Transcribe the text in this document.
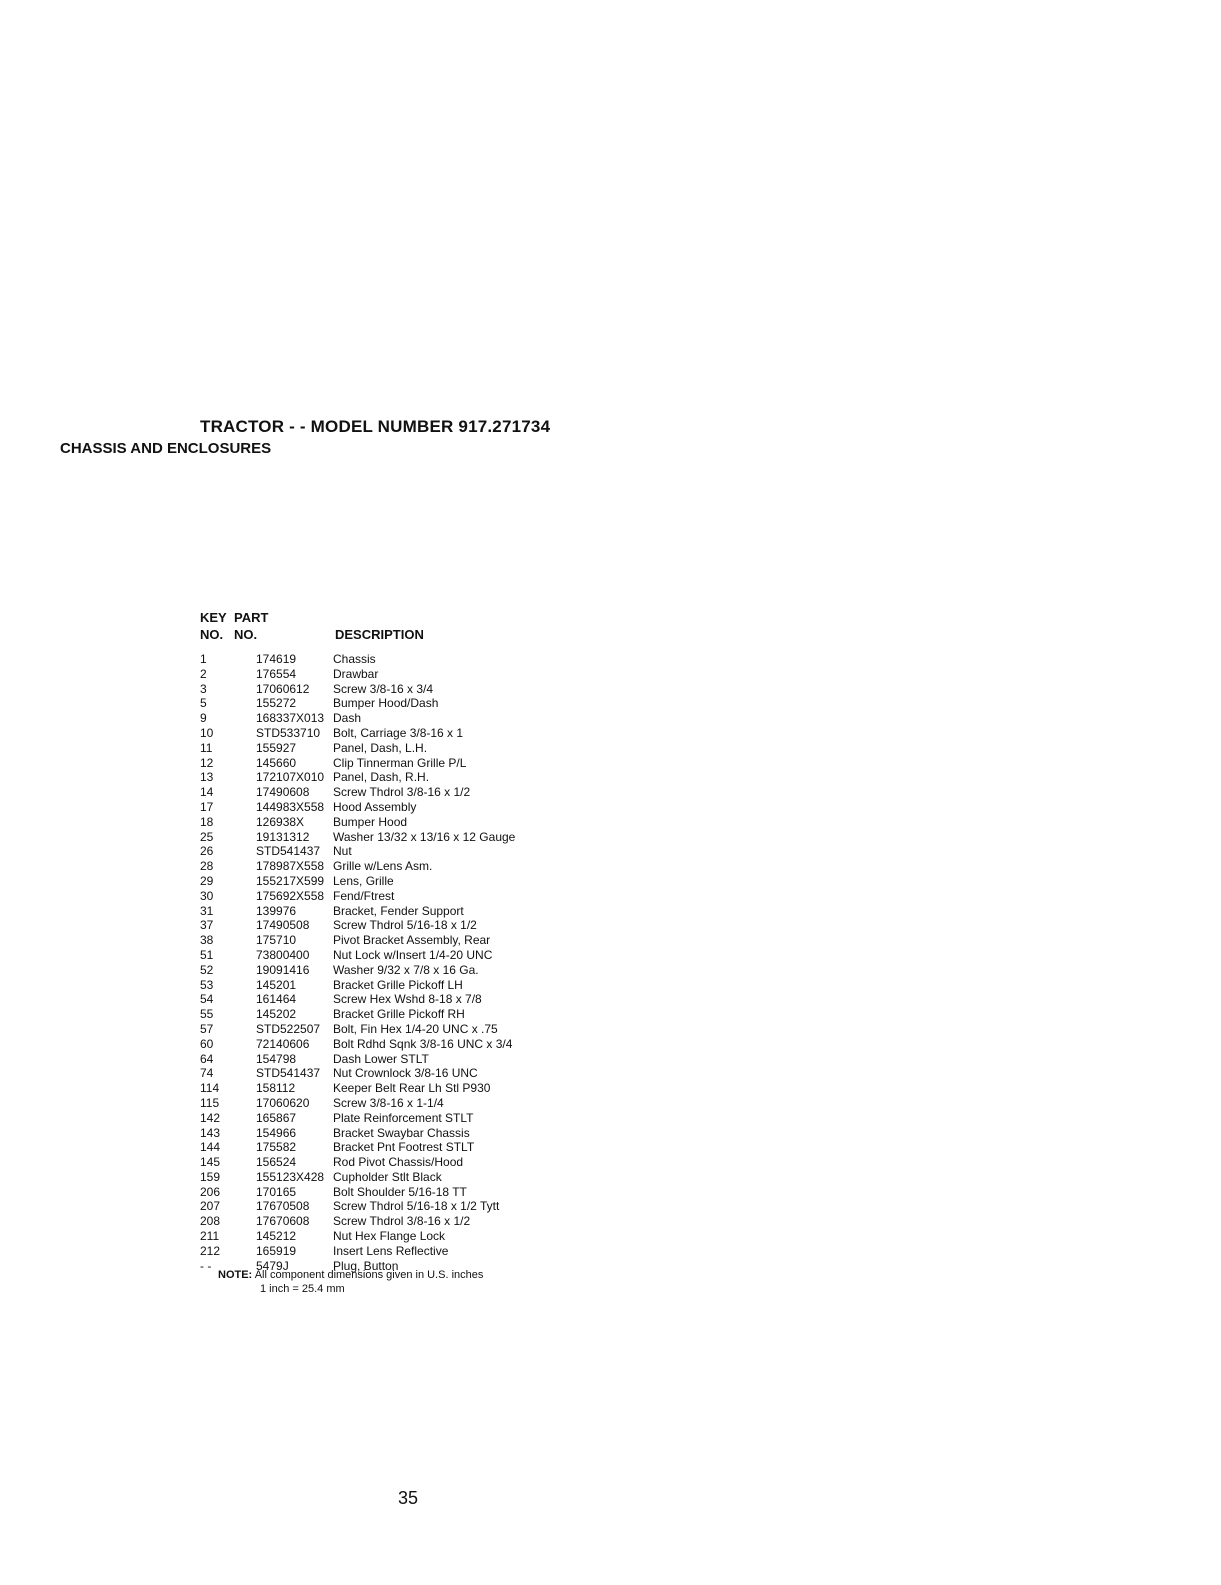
TRACTOR - - MODEL NUMBER 917.271734
CHASSIS AND ENCLOSURES
KEY
NO.
PART
NO.	DESCRIPTION
1	174619	Chassis
2	176554	Drawbar
3	17060612 Screw 3/8-16 x 3/4
5	155272	Bumper Hood/Dash
9	168337X013 Dash
10	STD533710 Bolt, Carriage 3/8-16 x 1
11	155927	Panel, Dash, L.H.
12	145660	Clip Tinnerman Grille P/L
13	172107X010 Panel, Dash, R.H.
14	17490608 Screw Thdrol 3/8-16 x 1/2
17	144983X558 Hood Assembly
18	126938X Bumper Hood
25	19131312 Washer 13/32 x 13/16 x 12 Gauge
26	STD541437 Nut
28	178987X558 Grille w/Lens Asm.
29	155217X599 Lens, Grille
30	175692X558 Fend/Ftrest
31	139976	Bracket, Fender Support
37	17490508 Screw Thdrol 5/16-18 x 1/2
38	175710	Pivot Bracket Assembly, Rear
51	73800400 Nut Lock w/Insert 1/4-20 UNC
52	19091416 Washer 9/32 x 7/8 x 16 Ga.
53	145201	Bracket Grille Pickoff LH
54	161464	Screw Hex Wshd 8-18 x 7/8
55	145202	Bracket Grille Pickoff RH
57	STD522507 Bolt, Fin Hex 1/4-20 UNC x .75
60	72140606 Bolt Rdhd Sqnk 3/8-16 UNC x 3/4
64	154798	Dash Lower STLT
74	STD541437 Nut Crownlock 3/8-16 UNC
114	158112	Keeper Belt Rear Lh Stl P930
115	17060620 Screw 3/8-16 x 1-1/4
142	165867	Plate Reinforcement STLT
143	154966	Bracket Swaybar Chassis
144	175582	Bracket Pnt Footrest STLT
145	156524	Rod Pivot Chassis/Hood
159	155123X428 Cupholder Stlt Black
206	170165	Bolt Shoulder 5/16-18 TT
207	17670508 Screw Thdrol 5/16-18 x 1/2 Tytt
208	17670608 Screw Thdrol 3/8-16 x 1/2
211	145212	Nut Hex Flange Lock
212	165919	Insert Lens Reflective
- -	5479J	Plug, Button
NOTE: All component dimensions given in U.S. inches
1 inch = 25.4 mm
35
